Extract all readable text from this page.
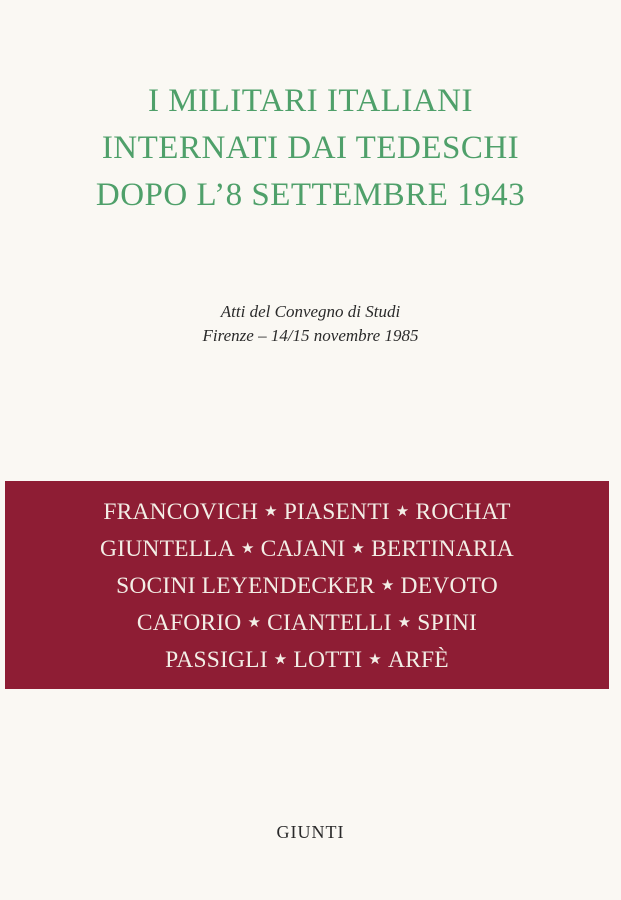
I MILITARI ITALIANI
INTERNATI DAI TEDESCHI
DOPO L’8 SETTEMBRE 1943
Atti del Convegno di Studi
Firenze – 14/15 novembre 1985
FRANCOVICH ★ PIASENTI ★ ROCHAT
GIUNTELLA ★ CAJANI ★ BERTINARIA
SOCINI LEYENDECKER ★ DEVOTO
CAFORIO ★ CIANTELLI ★ SPINI
PASSIGLI ★ LOTTI ★ ARFÈ
GIUNTI
